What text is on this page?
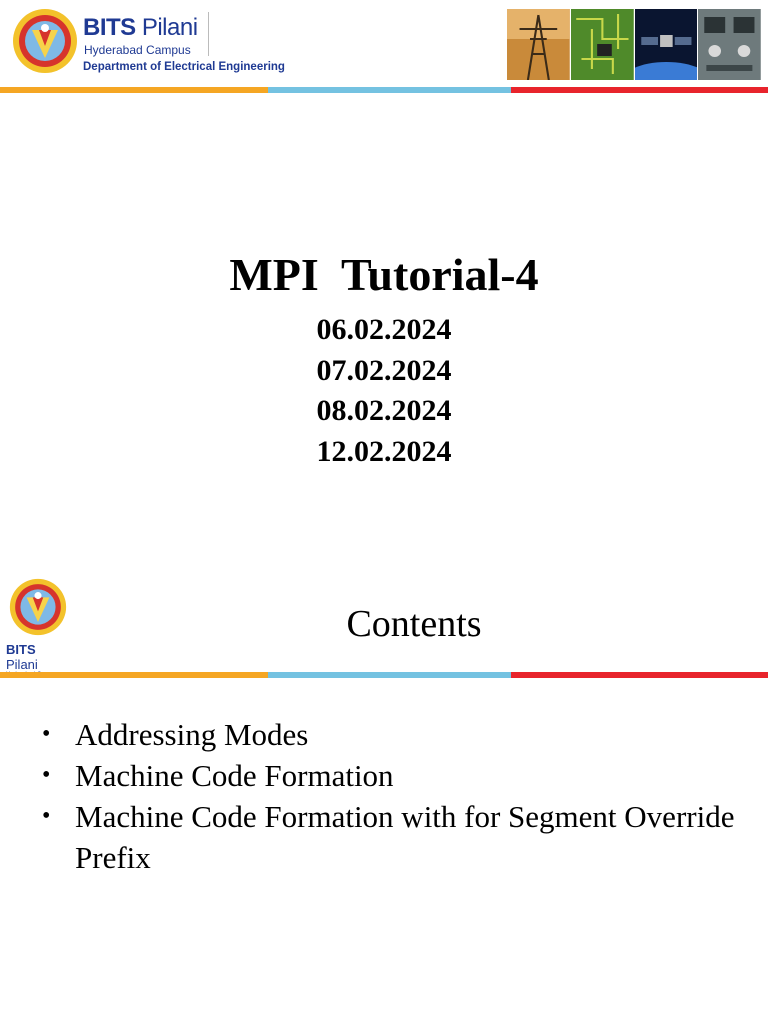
BITS Pilani
Hyderabad Campus
Department of Electrical Engineering
MPI  Tutorial-4
06.02.2024
07.02.2024
08.02.2024
12.02.2024
BITS Pilani
Contents
• Addressing Modes
• Machine Code Formation
• Machine Code Formation with for Segment Override Prefix
